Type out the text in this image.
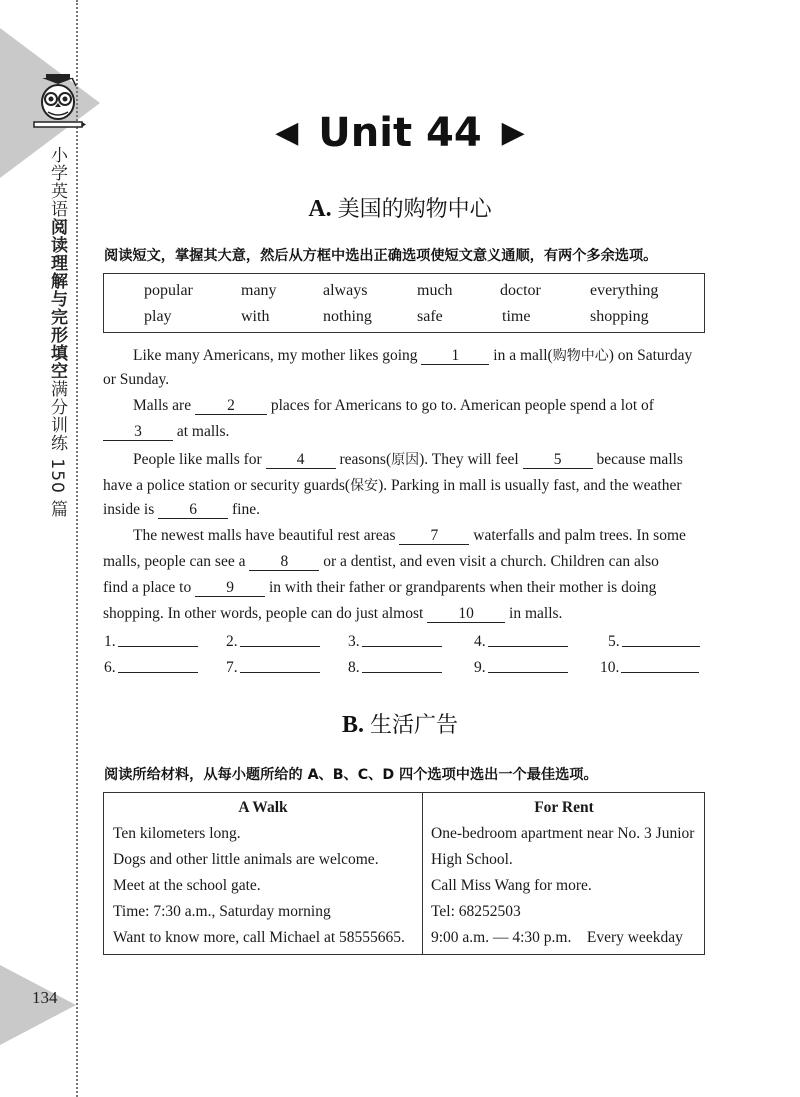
小学英语阅读理解与完形填空满分训练 150 篇
134
◀ Unit 44 ▶
A. 美国的购物中心
阅读短文，掌握其大意，然后从方框中选出正确选项使短文意义通顺，有两个多余选项。
popular	many	always	much	doctor	everything
play	with	nothing	safe	time	shopping
Like many Americans, my mother likes going 1 in a mall(购物中心) on Saturday
or Sunday.
Malls are 2 places for Americans to go to. American people spend a lot of
3 at malls.
People like malls for 4 reasons(原因). They will feel 5 because malls
have a police station or security guards(保安). Parking in mall is usually fast, and the weather
inside is 6 fine.
The newest malls have beautiful rest areas 7 waterfalls and palm trees. In some
malls, people can see a 8 or a dentist, and even visit a church. Children can also
find a place to 9 in with their father or grandparents when their mother is doing
shopping. In other words, people can do just almost 10 in malls.
1.	2.	3.	4.	5.
6.	7.	8.	9.	10.
B. 生活广告
阅读所给材料，从每小题所给的 A、B、C、D 四个选项中选出一个最佳选项。
A Walk
Ten kilometers long.
Dogs and other little animals are welcome.
Meet at the school gate.
Time: 7:30 a.m., Saturday morning
Want to know more, call Michael at 58555665.
For Rent
One-bedroom apartment near No. 3 Junior
High School.
Call Miss Wang for more.
Tel: 68252503
9:00 a.m. — 4:30 p.m.    Every weekday
